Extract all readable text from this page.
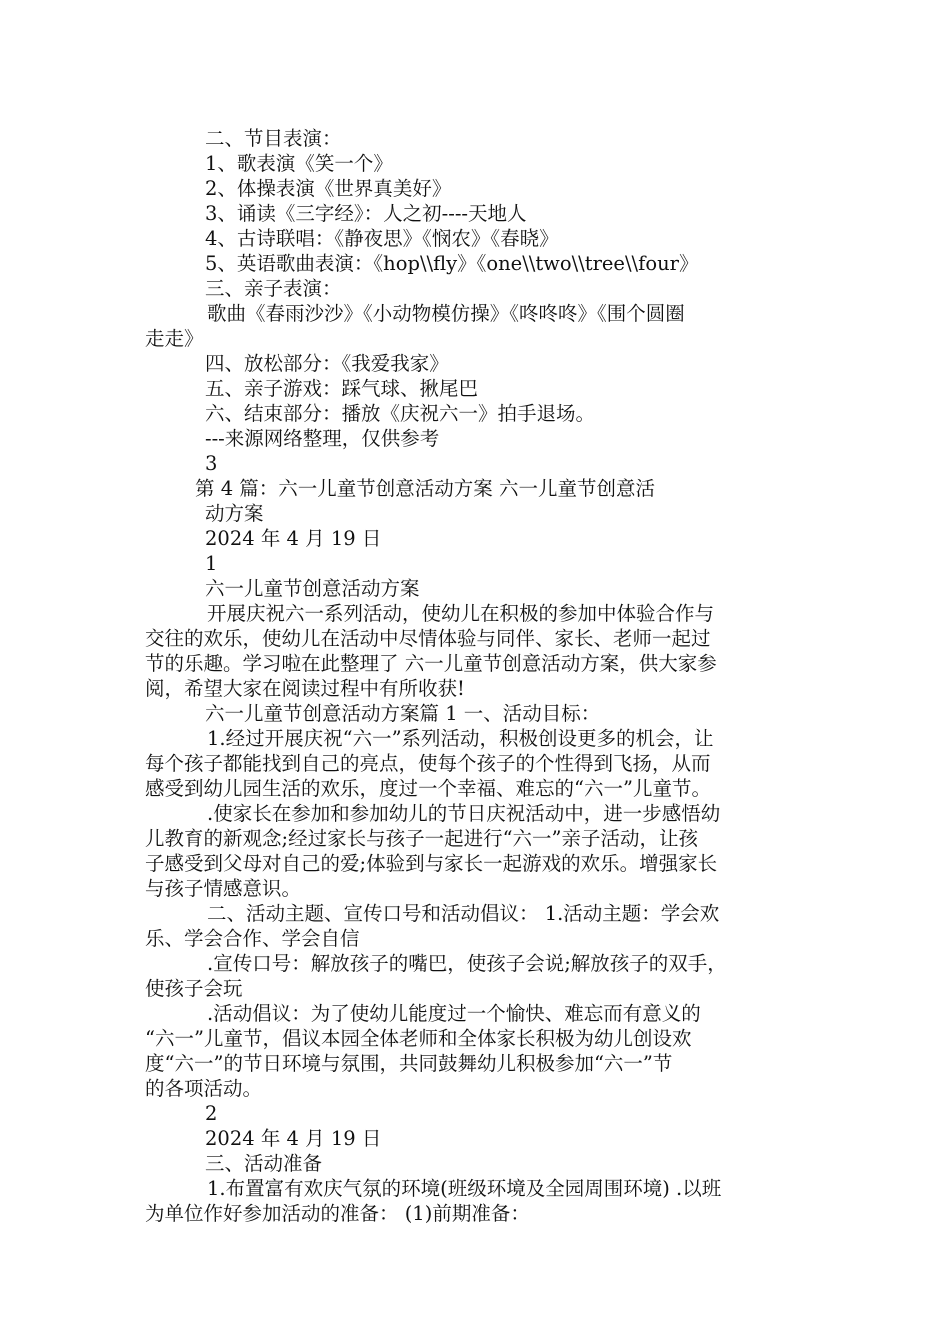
二、节目表演：
1、歌表演《笑一个》
2、体操表演《世界真美好》
3、诵读《三字经》：人之初----天地人
4、古诗联唱：《静夜思》《悯农》《春晓》
5、英语歌曲表演：《hop\\fly》《one\\two\\tree\\four》
三、亲子表演：
歌曲《春雨沙沙》《小动物模仿操》《咚咚咚》《围个圆圈
走走》
四、放松部分：《我爱我家》
五、亲子游戏：踩气球、揪尾巴
六、结束部分：播放《庆祝六一》拍手退场。
---来源网络整理，仅供参考
3
第 4 篇：六一儿童节创意活动方案 六一儿童节创意活
动方案
2024 年 4 月 19 日
1
六一儿童节创意活动方案
开展庆祝六一系列活动，使幼儿在积极的参加中体验合作与
交往的欢乐，使幼儿在活动中尽情体验与同伴、家长、老师一起过
节的乐趣。学习啦在此整理了 六一儿童节创意活动方案，供大家参
阅，希望大家在阅读过程中有所收获!
六一儿童节创意活动方案篇 1 一、活动目标：
1.经过开展庆祝“六一”系列活动，积极创设更多的机会，让
每个孩子都能找到自己的亮点，使每个孩子的个性得到飞扬，从而
感受到幼儿园生活的欢乐，度过一个幸福、难忘的“六一”儿童节。
.使家长在参加和参加幼儿的节日庆祝活动中，进一步感悟幼
儿教育的新观念;经过家长与孩子一起进行“六一”亲子活动，让孩
子感受到父母对自己的爱;体验到与家长一起游戏的欢乐。增强家长
与孩子情感意识。
二、活动主题、宣传口号和活动倡议： 1.活动主题：学会欢
乐、学会合作、学会自信
.宣传口号：解放孩子的嘴巴，使孩子会说;解放孩子的双手，
使孩子会玩
.活动倡议：为了使幼儿能度过一个愉快、难忘而有意义的
“六一”儿童节，倡议本园全体老师和全体家长积极为幼儿创设欢
度“六一”的节日环境与氛围，共同鼓舞幼儿积极参加“六一”节
的各项活动。
2
2024 年 4 月 19 日
三、活动准备
1.布置富有欢庆气氛的环境(班级环境及全园周围环境) .以班
为单位作好参加活动的准备： (1)前期准备：
